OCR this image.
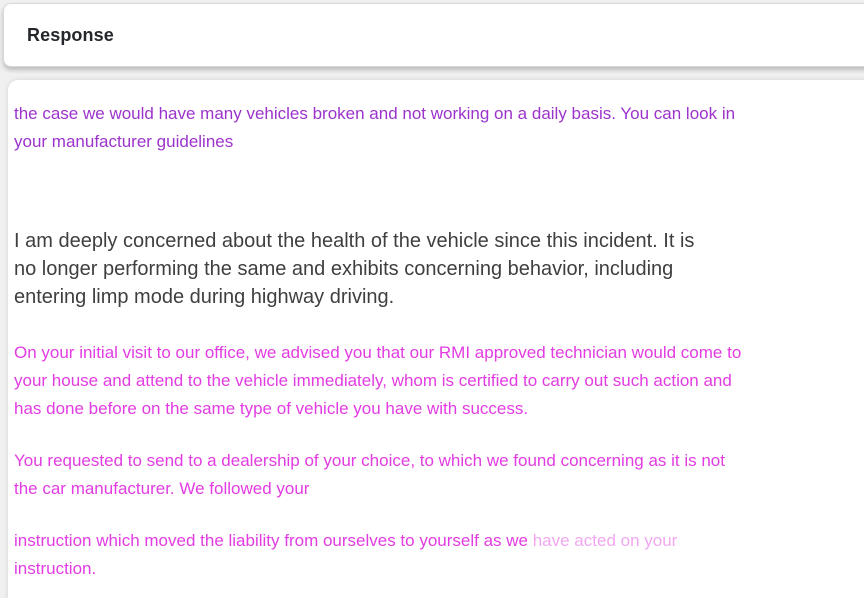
Response
the case we would have many vehicles broken and not working on a daily basis. You can look in
your manufacturer guidelines
I am deeply concerned about the health of the vehicle since this incident. It is
no longer performing the same and exhibits concerning behavior, including
entering limp mode during highway driving.
On your initial visit to our office, we advised you that our RMI approved technician would come to
your house and attend to the vehicle immediately, whom is certified to carry out such action and
has done before on the same type of vehicle you have with success.
You requested to send to a dealership of your choice, to which we found concerning as it is not
the car manufacturer. We followed your
instruction which moved the liability from ourselves to yourself as we have acted on your
instruction.
